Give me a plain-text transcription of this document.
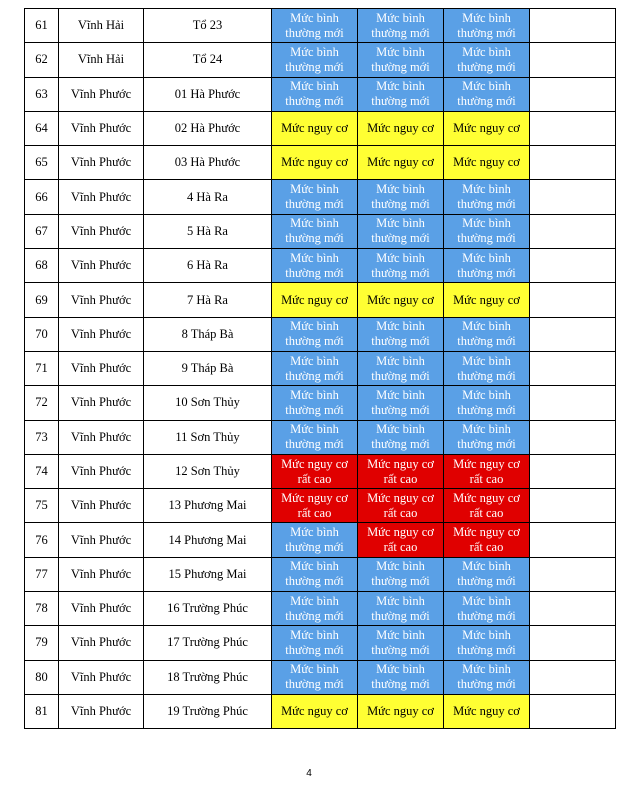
61	Vĩnh Hải	Tổ 23	Mức bình
thường mới	Mức bình
thường mới	Mức bình
thường mới	
62	Vĩnh Hải	Tổ 24	Mức bình
thường mới	Mức bình
thường mới	Mức bình
thường mới	
63	Vĩnh Phước	01 Hà Phước	Mức bình
thường mới	Mức bình
thường mới	Mức bình
thường mới	
64	Vĩnh Phước	02 Hà Phước	Mức nguy cơ	Mức nguy cơ	Mức nguy cơ	
65	Vĩnh Phước	03 Hà Phước	Mức nguy cơ	Mức nguy cơ	Mức nguy cơ	
66	Vĩnh Phước	4 Hà Ra	Mức bình
thường mới	Mức bình
thường mới	Mức bình
thường mới	
67	Vĩnh Phước	5 Hà Ra	Mức bình
thường mới	Mức bình
thường mới	Mức bình
thường mới	
68	Vĩnh Phước	6 Hà Ra	Mức bình
thường mới	Mức bình
thường mới	Mức bình
thường mới	
69	Vĩnh Phước	7 Hà Ra	Mức nguy cơ	Mức nguy cơ	Mức nguy cơ	
70	Vĩnh Phước	8 Tháp Bà	Mức bình
thường mới	Mức bình
thường mới	Mức bình
thường mới	
71	Vĩnh Phước	9 Tháp Bà	Mức bình
thường mới	Mức bình
thường mới	Mức bình
thường mới	
72	Vĩnh Phước	10 Sơn Thủy	Mức bình
thường mới	Mức bình
thường mới	Mức bình
thường mới	
73	Vĩnh Phước	11 Sơn Thủy	Mức bình
thường mới	Mức bình
thường mới	Mức bình
thường mới	
74	Vĩnh Phước	12 Sơn Thủy	Mức nguy cơ
rất cao	Mức nguy cơ
rất cao	Mức nguy cơ
rất cao	
75	Vĩnh Phước	13 Phương Mai	Mức nguy cơ
rất cao	Mức nguy cơ
rất cao	Mức nguy cơ
rất cao	
76	Vĩnh Phước	14 Phương Mai	Mức bình
thường mới	Mức nguy cơ
rất cao	Mức nguy cơ
rất cao	
77	Vĩnh Phước	15 Phương Mai	Mức bình
thường mới	Mức bình
thường mới	Mức bình
thường mới	
78	Vĩnh Phước	16 Trường Phúc	Mức bình
thường mới	Mức bình
thường mới	Mức bình
thường mới	
79	Vĩnh Phước	17 Trường Phúc	Mức bình
thường mới	Mức bình
thường mới	Mức bình
thường mới	
80	Vĩnh Phước	18 Trường Phúc	Mức bình
thường mới	Mức bình
thường mới	Mức bình
thường mới	
81	Vĩnh Phước	19 Trường Phúc	Mức nguy cơ	Mức nguy cơ	Mức nguy cơ	
4
